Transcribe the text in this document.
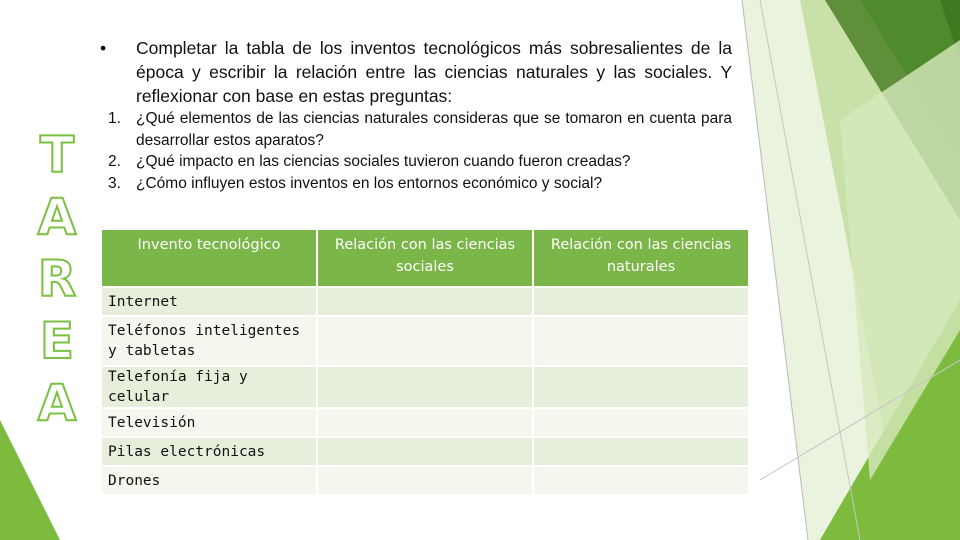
T
A
R
E
A
•	Completar la tabla de los inventos tecnológicos más sobresalientes de la época y escribir la relación entre las ciencias naturales y las sociales. Y reflexionar con base en estas preguntas:
1. ¿Qué elementos de las ciencias naturales consideras que se tomaron en cuenta para desarrollar estos aparatos?
2. ¿Qué impacto en las ciencias sociales tuvieron cuando fueron creadas?
3. ¿Cómo influyen estos inventos en los entornos económico y social?
Invento tecnológico	Relación con las ciencias sociales	Relación con las ciencias naturales
Internet		
Teléfonos inteligentes y tabletas		
Telefonía fija y celular		
Televisión		
Pilas electrónicas		
Drones		
